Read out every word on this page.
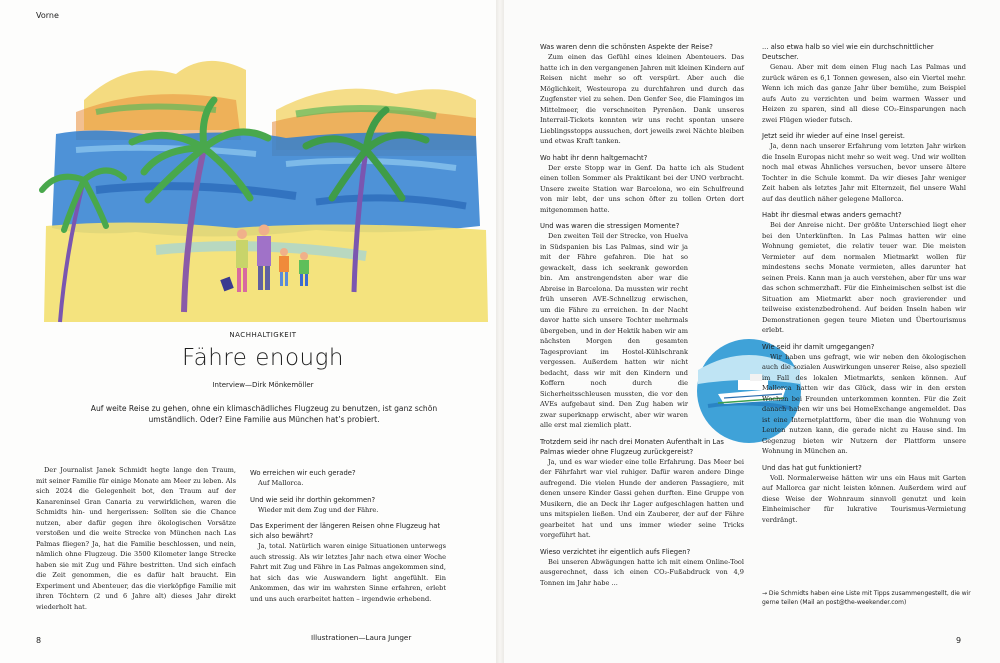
Vorne
NACHHALTIGKEIT
Fähre enough
Interview—Dirk Mönkemöller
Auf weite Reise zu gehen, ohne ein klimaschädliches Flugzeug zu benutzen, ist ganz schön umständlich. Oder? Eine Familie aus München hat’s probiert.

Der Journalist Janek Schmidt hegte lange den Traum, mit seiner Familie für einige Monate am Meer zu leben. Als sich 2024 die Gelegenheit bot, den Traum auf der Kanareninsel Gran Canaria zu verwirklichen, waren die Schmidts hin- und hergerissen: Sollten sie die Chance nutzen, aber dafür gegen ihre ökologischen Vorsätze verstoßen und die weite Strecke von München nach Las Palmas fliegen? Ja, hat die Familie beschlossen, und nein, nämlich ohne Flugzeug. Die 3500 Kilometer lange Strecke haben sie mit Zug und Fähre bestritten. Und sich einfach die Zeit genommen, die es dafür halt braucht. Ein Experiment und Abenteuer, das die vierköpfige Familie mit ihren Töchtern (2 und 6 Jahre alt) dieses Jahr direkt wiederholt hat.

Wo erreichen wir euch gerade?

Auf Mallorca.

Und wie seid ihr dorthin gekommen?

Wieder mit dem Zug und der Fähre.

Das Experiment der längeren Reisen ohne Flugzeug hat sich also bewährt?

Ja, total. Natürlich waren einige Situationen unterwegs auch stressig. Als wir letztes Jahr nach etwa einer Woche Fahrt mit Zug und Fähre in Las Palmas angekommen sind, hat sich das wie Auswandern light angefühlt. Ein Ankommen, das wir im wahrsten Sinne erfahren, erlebt und uns auch erarbeitet hatten – irgendwie erhebend.

8	Illustrationen—Laura Junger
Was waren denn die schönsten Aspekte der Reise?

Zum einen das Gefühl eines kleinen Abenteuers. Das hatte ich in den vergangenen Jahren mit kleinen Kindern auf Reisen nicht mehr so oft verspürt. Aber auch die Möglichkeit, Westeuropa zu durchfahren und durch das Zugfenster viel zu sehen. Den Genfer See, die Flamingos im Mittelmeer, die verschneiten Pyrenäen. Dank unseres Interrail-Tickets konnten wir uns recht spontan unsere Lieblingsstopps aussuchen, dort jeweils zwei Nächte bleiben und etwas Kraft tanken.

Wo habt ihr denn haltgemacht?

Der erste Stopp war in Genf. Da hatte ich als Student einen tollen Sommer als Praktikant bei der UNO verbracht. Unsere zweite Station war Barcelona, wo ein Schulfreund von mir lebt, der uns schon öfter zu tollen Orten dort mitgenommen hatte.

Und was waren die stressigen Momente?

Den zweiten Teil der Strecke, von Huelva in Südspanien bis Las Palmas, sind wir ja mit der Fähre gefahren. Die hat so gewackelt, dass ich seekrank geworden bin. Am anstrengendsten aber war die Abreise in Barcelona. Da mussten wir recht früh unseren AVE-Schnellzug erwischen, um die Fähre zu erreichen. In der Nacht davor hatte sich unsere Tochter mehrmals übergeben, und in der Hektik haben wir am nächsten Morgen den gesamten Tagesproviant im Hostel-Kühlschrank vergessen. Außerdem hatten wir nicht bedacht, dass wir mit den Kindern und Koffern noch durch die Sicherheitsschleusen mussten, die vor den AVEs aufgebaut sind. Den Zug haben wir zwar superknapp erwischt, aber wir waren alle erst mal ziemlich platt.

Trotzdem seid ihr nach drei Monaten Aufenthalt in Las Palmas wieder ohne Flugzeug zurückgereist?

Ja, und es war wieder eine tolle Erfahrung. Das Meer bei der Fährfahrt war viel ruhiger. Dafür waren andere Dinge aufregend. Die vielen Hunde der anderen Passagiere, mit denen unsere Kinder Gassi gehen durften. Eine Gruppe von Musikern, die an Deck ihr Lager aufgeschlagen hatten und uns mitspielen ließen. Und ein Zauberer, der auf der Fähre gearbeitet hat und uns immer wieder seine Tricks vorgeführt hat.

Wieso verzichtet ihr eigentlich aufs Fliegen?

Bei unseren Abwägungen hatte ich mit einem Online-Tool ausgerechnet, dass ich einen CO₂-Fußabdruck von 4,9 Tonnen im Jahr habe ...

... also etwa halb so viel wie ein durchschnittlicher Deutscher.

Genau. Aber mit dem einen Flug nach Las Palmas und zurück wären es 6,1 Tonnen gewesen, also ein Viertel mehr. Wenn ich mich das ganze Jahr über bemühe, zum Beispiel aufs Auto zu verzichten und beim warmen Wasser und Heizen zu sparen, sind all diese CO₂-Einsparungen nach zwei Flügen wieder futsch.

Jetzt seid ihr wieder auf eine Insel gereist.

Ja, denn nach unserer Erfahrung vom letzten Jahr wirken die Inseln Europas nicht mehr so weit weg. Und wir wollten noch mal etwas Ähnliches versuchen, bevor unsere ältere Tochter in die Schule kommt. Da wir dieses Jahr weniger Zeit haben als letztes Jahr mit Elternzeit, fiel unsere Wahl auf das deutlich näher gelegene Mallorca.

Habt ihr diesmal etwas anders gemacht?

Bei der Anreise nicht. Der größte Unterschied liegt eher bei den Unterkünften. In Las Palmas hatten wir eine Wohnung gemietet, die relativ teuer war. Die meisten Vermieter auf dem normalen Mietmarkt wollen für mindestens sechs Monate vermieten, alles darunter hat seinen Preis. Kann man ja auch verstehen, aber für uns war das schon schmerzhaft. Für die Einheimischen selbst ist die Situation am Mietmarkt aber noch gravierender und teilweise existenzbedrohend. Auf beiden Inseln haben wir Demonstrationen gegen teure Mieten und Übertourismus erlebt.

Wie seid ihr damit umgegangen?

Wir haben uns gefragt, wie wir neben den ökologischen auch die sozialen Auswirkungen unserer Reise, also speziell im Fall des lokalen Mietmarkts, senken können. Auf Mallorca hatten wir das Glück, dass wir in den ersten Wochen bei Freunden unterkommen konnten. Für die Zeit danach haben wir uns bei HomeExchange angemeldet. Das ist eine Internetplattform, über die man die Wohnung von Leuten nutzen kann, die gerade nicht zu Hause sind. Im Gegenzug bieten wir Nutzern der Plattform unsere Wohnung in München an.

Und das hat gut funktioniert?

Voll. Normalerweise hätten wir uns ein Haus mit Garten auf Mallorca gar nicht leisten können. Außerdem wird auf diese Weise der Wohnraum sinnvoll genutzt und kein Einheimischer für lukrative Tourismus-Vermietung verdrängt.

→ Die Schmidts haben eine Liste mit Tipps zusammengestellt, die wir gerne teilen (Mail an post@the-weekender.com)
9
